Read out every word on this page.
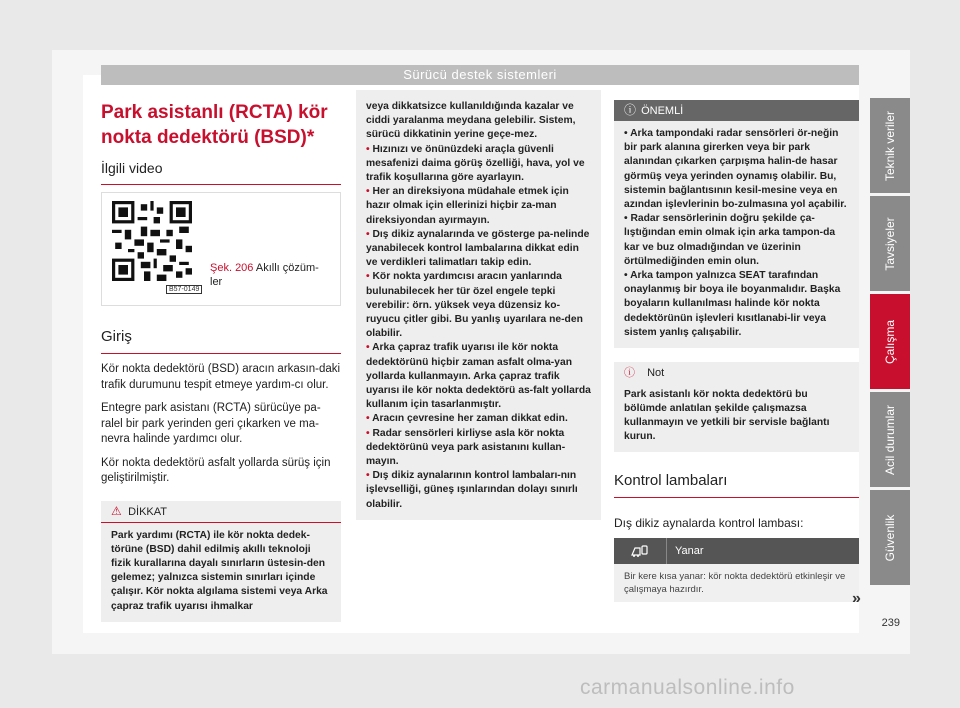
Sürücü destek sistemleri
Park asistanlı (RCTA) kör
nokta dedektörü (BSD)*
İlgili video
B57-0149
Şek. 206 Akıllı çözüm-ler
Giriş

Kör nokta dedektörü (BSD) aracın arkasın-daki trafik durumunu tespit etmeye yardım-cı olur.

Entegre park asistanı (RCTA) sürücüye pa-ralel bir park yerinden geri çıkarken ve ma-nevra halinde yardımcı olur.

Kör nokta dedektörü asfalt yollarda sürüş için geliştirilmiştir.

⚠ DİKKAT
Park yardımı (RCTA) ile kör nokta dedek-törüne (BSD) dahil edilmiş akıllı teknoloji fizik kurallarına dayalı sınırların üstesin-den gelemez; yalnızca sistemin sınırları içinde çalışır. Kör nokta algılama sistemi veya Arka çapraz trafik uyarısı ihmalkar

veya dikkatsizce kullanıldığında kazalar ve ciddi yaralanma meydana gelebilir. Sistem, sürücü dikkatinin yerine geçe-mez.

• Hızınızı ve önünüzdeki araçla güvenli mesafenizi daima görüş özelliği, hava, yol ve trafik koşullarına göre ayarlayın.

• Her an direksiyona müdahale etmek için hazır olmak için ellerinizi hiçbir za-man direksiyondan ayırmayın.

• Dış dikiz aynalarında ve gösterge pa-nelinde yanabilecek kontrol lambalarına dikkat edin ve verdikleri talimatları takip edin.

• Kör nokta yardımcısı aracın yanlarında bulunabilecek her tür özel engele tepki verebilir: örn. yüksek veya düzensiz ko-ruyucu çitler gibi. Bu yanlış uyarılara ne-den olabilir.

• Arka çapraz trafik uyarısı ile kör nokta dedektörünü hiçbir zaman asfalt olma-yan yollarda kullanmayın. Arka çapraz trafik uyarısı ile kör nokta dedektörü as-falt yollarda kullanım için tasarlanmıştır.

• Aracın çevresine her zaman dikkat edin.

• Radar sensörleri kirliyse asla kör nokta dedektörünü veya park asistanını kullan-mayın.

• Dış dikiz aynalarının kontrol lambaları-nın işlevselliği, güneş ışınlarından dolayı sınırlı olabilir.

ⓘ ÖNEMLİ

• Arka tampondaki radar sensörleri ör-neğin bir park alanına girerken veya bir park alanından çıkarken çarpışma halin-de hasar görmüş veya yerinden oynamış olabilir. Bu, sistemin bağlantısının kesil-mesine veya en azından işlevlerinin bo-zulmasına yol açabilir.

• Radar sensörlerinin doğru şekilde ça-lıştığından emin olmak için arka tampon-da kar ve buz olmadığından ve üzerinin örtülmediğinden emin olun.

• Arka tampon yalnızca SEAT tarafından onaylanmış bir boya ile boyanmalıdır. Başka boyaların kullanılması halinde kör nokta dedektörünün işlevleri kısıtlanabi-lir veya sistem yanlış çalışabilir.

ⓘ Not
Park asistanlı kör nokta dedektörü bu bölümde anlatılan şekilde çalışmazsa kullanmayın ve yetkili bir servisle bağlantı kurun.
Kontrol lambaları
Dış dikiz aynalarda kontrol lambası:
Yanar
Bir kere kısa yanar: kör nokta dedektörü etkinleşir ve çalışmaya hazırdır.
Teknik veriler
Tavsiyeler
Çalışma
Acil durumlar
Güvenlik
»
239
carmanualsonline.info
